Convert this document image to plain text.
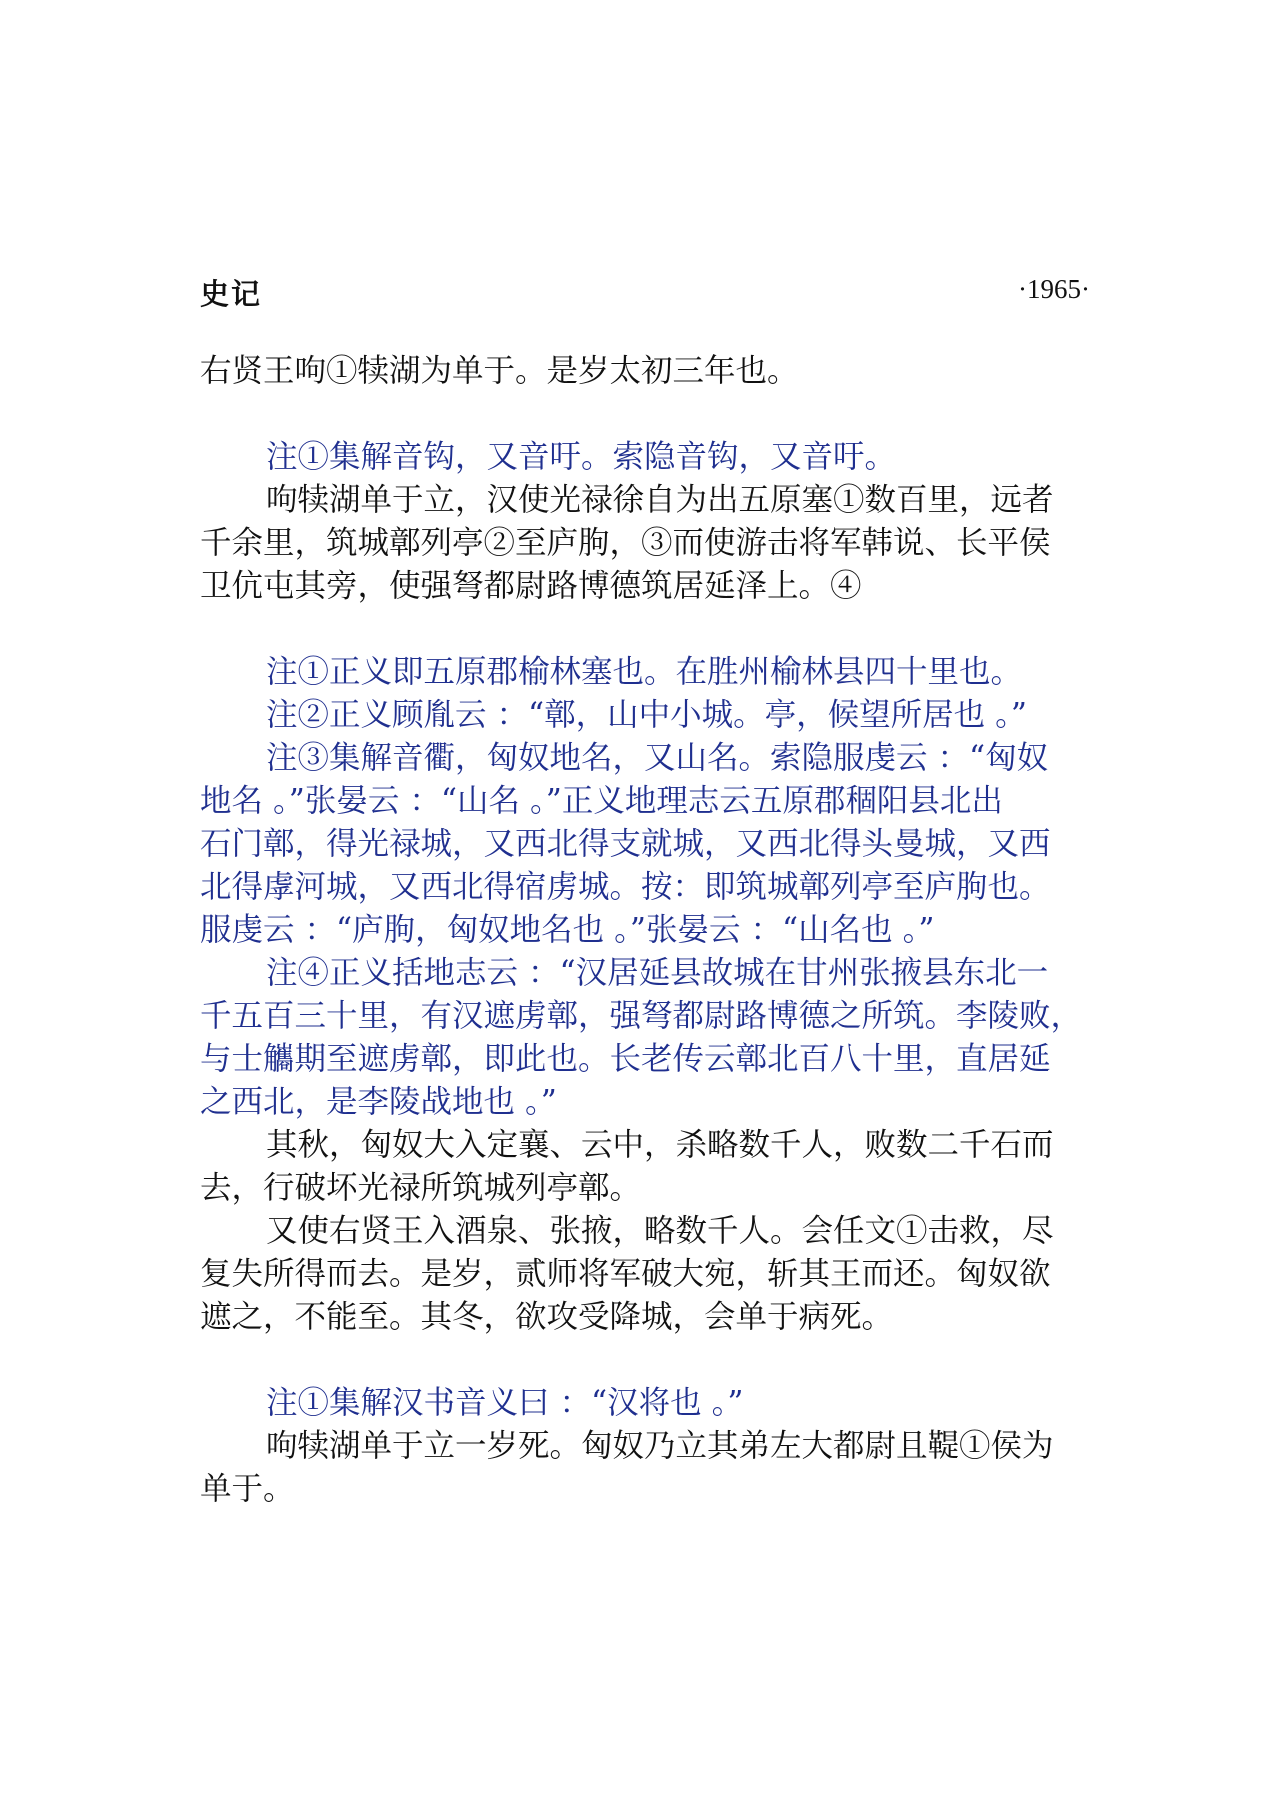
史记	·1965·
右贤王呴①犊湖为单于。是岁太初三年也。
注①集解音钩，又音吁。索隐音钩，又音吁。
呴犊湖单于立，汉使光禄徐自为出五原塞①数百里，远者
千余里，筑城鄣列亭②至庐朐，③而使游击将军韩说、长平侯
卫伉屯其旁，使强弩都尉路博德筑居延泽上。④
注①正义即五原郡榆林塞也。在胜州榆林县四十里也。
注②正义顾胤云 ：“鄣，山中小城。亭，候望所居也 。”
注③集解音衢，匈奴地名，又山名。索隐服虔云 ：“匈奴
地名 。”张晏云 ：“山名 。”正义地理志云五原郡稒阳县北出
石门鄣，得光禄城，又西北得支就城，又西北得头曼城，又西
北得虖河城，又西北得宿虏城。按：即筑城鄣列亭至庐朐也。
服虔云 ：“庐朐，匈奴地名也 。”张晏云 ：“山名也 。”
注④正义括地志云 ：“汉居延县故城在甘州张掖县东北一
千五百三十里，有汉遮虏鄣，强弩都尉路博德之所筑。李陵败，
与士觿期至遮虏鄣，即此也。长老传云鄣北百八十里，直居延
之西北，是李陵战地也 。”
其秋，匈奴大入定襄、云中，杀略数千人，败数二千石而
去，行破坏光禄所筑城列亭鄣。
又使右贤王入酒泉、张掖，略数千人。会任文①击救，尽
复失所得而去。是岁，贰师将军破大宛，斩其王而还。匈奴欲
遮之，不能至。其冬，欲攻受降城，会单于病死。
注①集解汉书音义曰 ：“汉将也 。”
呴犊湖单于立一岁死。匈奴乃立其弟左大都尉且鞮①侯为
单于。
